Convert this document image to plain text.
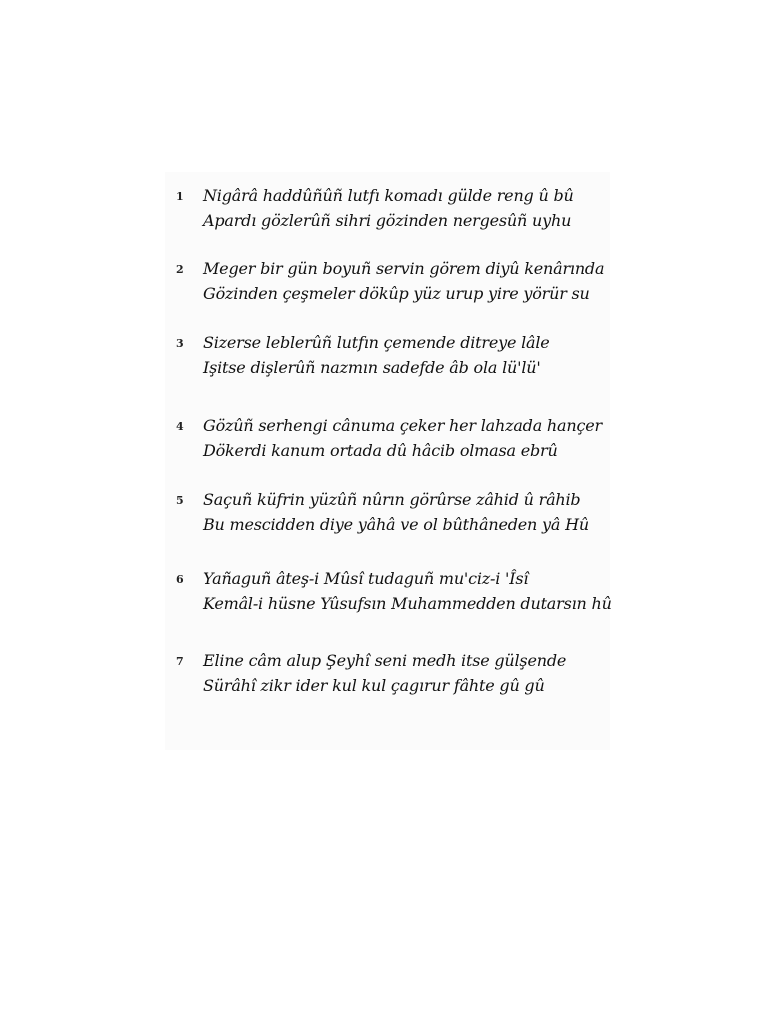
1	Nigârâ haddûñûñ lutfı komadı gülde reng û bû
Apardı gözlerûñ sihri gözinden nergesûñ uyhu
2	Meger bir gün boyuñ servin görem diyû kenârında
Gözinden çeşmeler dökûp yüz urup yire yörür su
3	Sizerse leblerûñ lutfın çemende ditreye lâle
Işitse dişlerûñ nazmın sadefde âb ola lü'lü'
4	Gözûñ serhengi cânuma çeker her lahzada hançer
Dökerdi kanum ortada dû hâcib olmasa ebrû
5	Saçuñ küfrin yüzûñ nûrın görûrse zâhid û râhib
Bu mescidden diye yâhâ ve ol bûthâneden yâ Hû
6	Yañaguñ âteş-i Mûsî tudaguñ mu'ciz-i 'Îsî
Kemâl-i hüsne Yûsufsın Muhammedden dutarsın hû
7	Eline câm alup Şeyhî seni medh itse gülşende
Sürâhî zikr ider kul kul çagırur fâhte gû gû
